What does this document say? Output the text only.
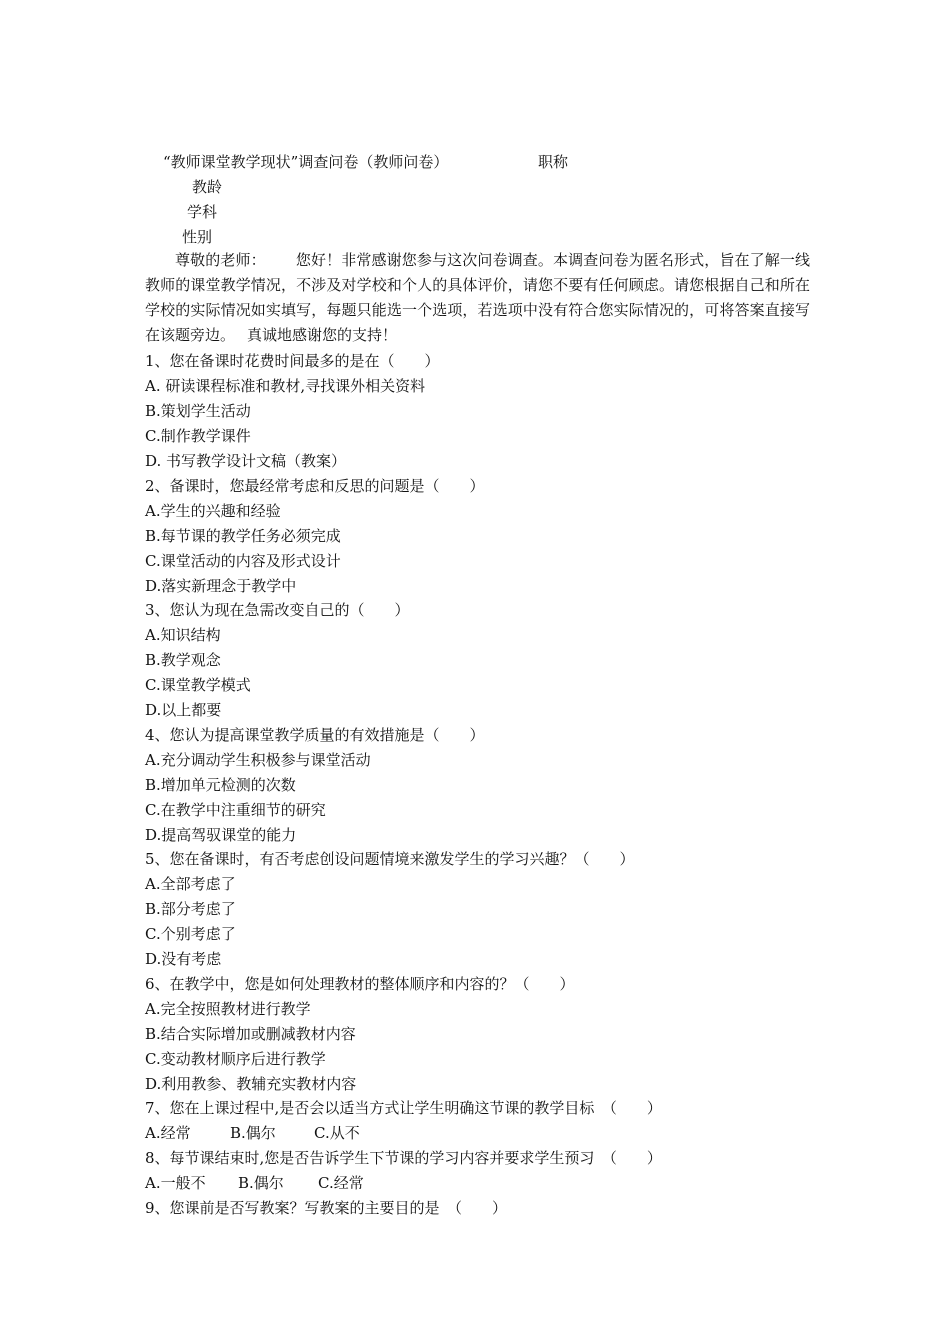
“教师课堂教学现状”调查问卷（教师问卷）	职称
教龄
学科
性别
尊敬的老师： 您好！非常感谢您参与这次问卷调查。本调查问卷为匿名形式，旨在了解一线教师的课堂教学情况，不涉及对学校和个人的具体评价，请您不要有任何顾虑。请您根据自己和所在学校的实际情况如实填写，每题只能选一个选项，若选项中没有符合您实际情况的，可将答案直接写在该题旁边。 真诚地感谢您的支持！
1、您在备课时花费时间最多的是在（　　）
A. 研读课程标准和教材,寻找课外相关资料
B.策划学生活动
C.制作教学课件
D. 书写教学设计文稿（教案）
2、备课时，您最经常考虑和反思的问题是（　　）
A.学生的兴趣和经验
B.每节课的教学任务必须完成
C.课堂活动的内容及形式设计
D.落实新理念于教学中
3、您认为现在急需改变自己的（　　）
A.知识结构
B.教学观念
C.课堂教学模式
D.以上都要
4、您认为提高课堂教学质量的有效措施是（　　）
A.充分调动学生积极参与课堂活动
B.增加单元检测的次数
C.在教学中注重细节的研究
D.提高驾驭课堂的能力
5、您在备课时，有否考虑创设问题情境来激发学生的学习兴趣？（　　）
A.全部考虑了
B.部分考虑了
C.个别考虑了
D.没有考虑
6、在教学中，您是如何处理教材的整体顺序和内容的？（　　）
A.完全按照教材进行教学
B.结合实际增加或删减教材内容
C.变动教材顺序后进行教学
D.利用教参、教辅充实教材内容
7、您在上课过程中,是否会以适当方式让学生明确这节课的教学目标　（　　）
A.经常	B.偶尔	C.从不
8、每节课结束时,您是否告诉学生下节课的学习内容并要求学生预习　（　　）
A.一般不 B.偶尔 C.经常
9、您课前是否写教案？写教案的主要目的是　（　　）
